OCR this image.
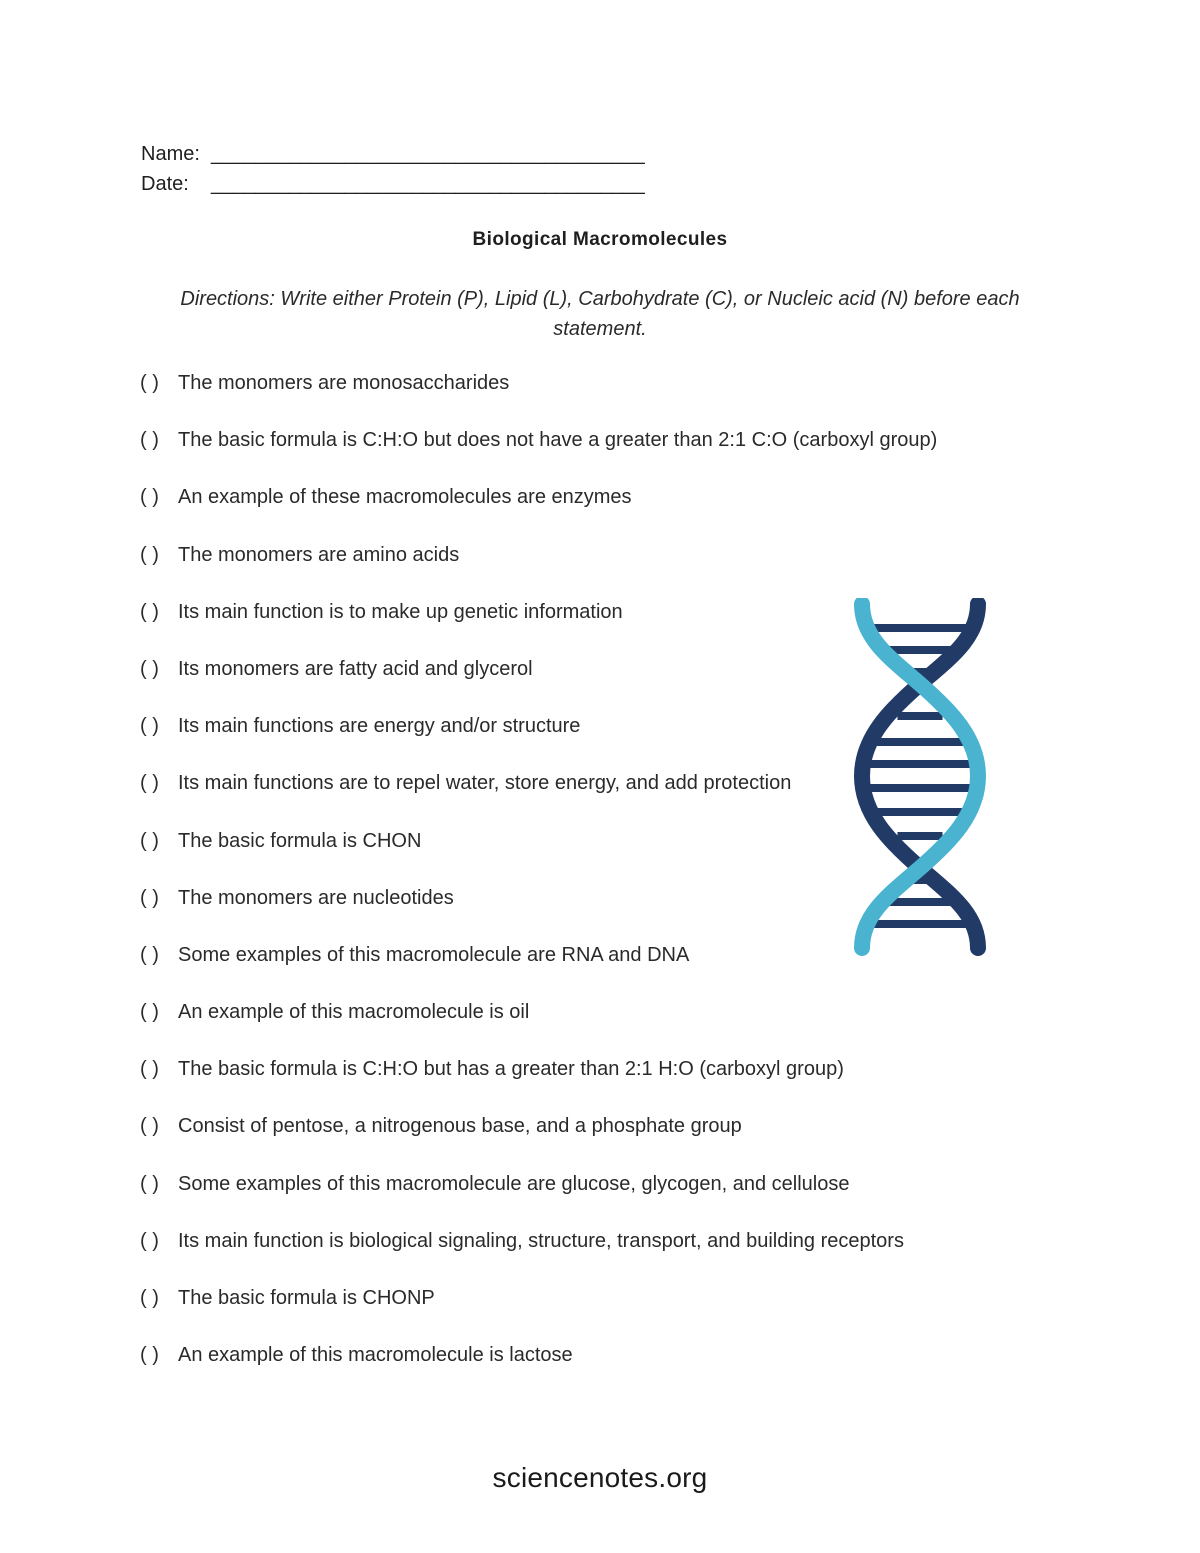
Name: _______________________________________
Date: _______________________________________
Biological Macromolecules
Directions: Write either Protein (P), Lipid (L), Carbohydrate (C), or Nucleic acid (N) before each statement.
( ) The monomers are monosaccharides
( ) The basic formula is C:H:O but does not have a greater than 2:1 C:O (carboxyl group)
( ) An example of these macromolecules are enzymes
( ) The monomers are amino acids
( ) Its main function is to make up genetic information
( ) Its monomers are fatty acid and glycerol
( ) Its main functions are energy and/or structure
( ) Its main functions are to repel water, store energy, and add protection
( ) The basic formula is CHON
( ) The monomers are nucleotides
( ) Some examples of this macromolecule are RNA and DNA
( ) An example of this macromolecule is oil
( ) The basic formula is C:H:O but has a greater than 2:1 H:O (carboxyl group)
( ) Consist of pentose, a nitrogenous base, and a phosphate group
( ) Some examples of this macromolecule are glucose, glycogen, and cellulose
( ) Its main function is biological signaling, structure, transport, and building receptors
( ) The basic formula is CHONP
( ) An example of this macromolecule is lactose
sciencenotes.org
